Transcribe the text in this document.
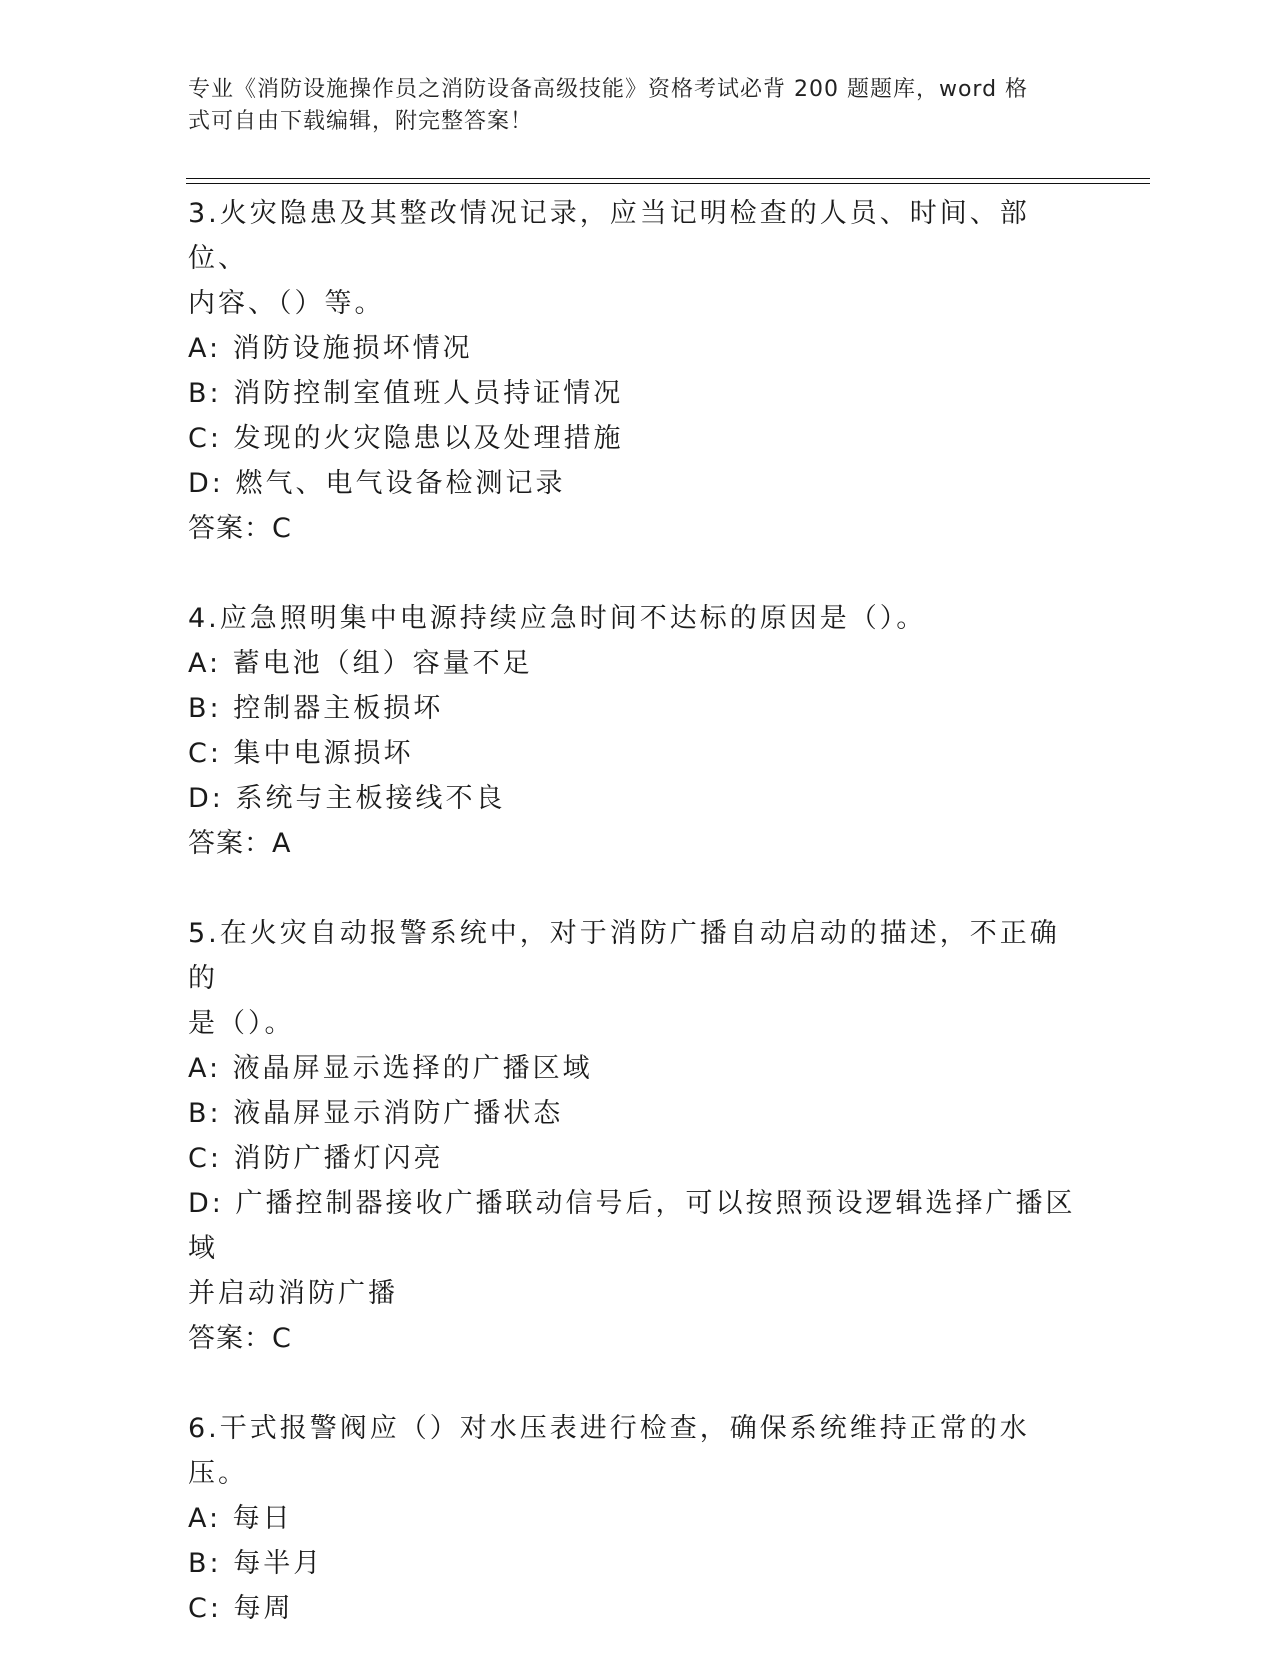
专业《消防设施操作员之消防设备高级技能》资格考试必背 200 题题库，word 格
式可自由下载编辑，附完整答案！

3.火灾隐患及其整改情况记录，应当记明检查的人员、时间、部位、

内容、（）等。

A: 消防设施损坏情况

B: 消防控制室值班人员持证情况

C: 发现的火灾隐患以及处理措施

D: 燃气、电气设备检测记录

答案：C

4.应急照明集中电源持续应急时间不达标的原因是（）。

A: 蓄电池（组）容量不足

B: 控制器主板损坏

C: 集中电源损坏

D: 系统与主板接线不良

答案：A

5.在火灾自动报警系统中，对于消防广播自动启动的描述，不正确的

是（）。

A: 液晶屏显示选择的广播区域

B: 液晶屏显示消防广播状态

C: 消防广播灯闪亮

D: 广播控制器接收广播联动信号后，可以按照预设逻辑选择广播区域

并启动消防广播

答案：C

6.干式报警阀应（）对水压表进行检查，确保系统维持正常的水压。

A: 每日

B: 每半月

C: 每周
